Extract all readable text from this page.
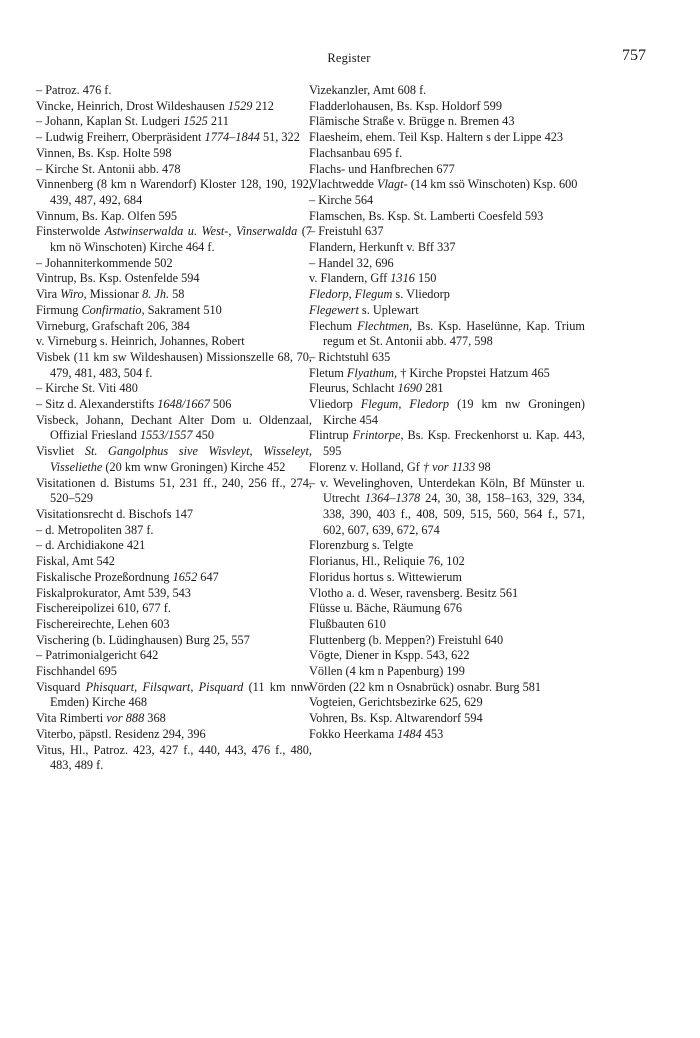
Register	757
– Patroz. 476 f.
Vincke, Heinrich, Drost Wildeshausen 1529 212
– Johann, Kaplan St. Ludgeri 1525 211
– Ludwig Freiherr, Oberpräsident 1774–1844 51, 322
Vinnen, Bs. Ksp. Holte 598
– Kirche St. Antonii abb. 478
Vinnenberg (8 km n Warendorf) Kloster 128, 190, 192, 439, 487, 492, 684
Vinnum, Bs. Kap. Olfen 595
Finsterwolde Astwinserwalda u. West-, Vinserwalda (7 km nö Winschoten) Kirche 464 f.
– Johanniterkommende 502
Vintrup, Bs. Ksp. Ostenfelde 594
Vira Wiro, Missionar 8. Jh. 58
Firmung Confirmatio, Sakrament 510
Virneburg, Grafschaft 206, 384
v. Virneburg s. Heinrich, Johannes, Robert
Visbek (11 km sw Wildeshausen) Missionszelle 68, 70, 479, 481, 483, 504 f.
– Kirche St. Viti 480
– Sitz d. Alexanderstifts 1648/1667 506
Visbeck, Johann, Dechant Alter Dom u. Oldenzaal, Offizial Friesland 1553/1557 450
Visvliet St. Gangolphus sive Wisvleyt, Wisseleyt, Visseliethe (20 km wnw Groningen) Kirche 452
Visitationen d. Bistums 51, 231 ff., 240, 256 ff., 274, 520–529
Visitationsrecht d. Bischofs 147
– d. Metropoliten 387 f.
– d. Archidiakone 421
Fiskal, Amt 542
Fiskalische Prozeßordnung 1652 647
Fiskalprokurator, Amt 539, 543
Fischereipolizei 610, 677 f.
Fischereirechte, Lehen 603
Vischering (b. Lüdinghausen) Burg 25, 557
– Patrimonialgericht 642
Fischhandel 695
Visquard Phisquart, Filsqwart, Pisquard (11 km nnw Emden) Kirche 468
Vita Rimberti vor 888 368
Viterbo, päpstl. Residenz 294, 396
Vitus, Hl., Patroz. 423, 427 f., 440, 443, 476 f., 480, 483, 489 f.
Vizekanzler, Amt 608 f.
Fladderlohausen, Bs. Ksp. Holdorf 599
Flämische Straße v. Brügge n. Bremen 43
Flaesheim, ehem. Teil Ksp. Haltern s der Lippe 423
Flachsanbau 695 f.
Flachs- und Hanfbrechen 677
Vlachtwedde Vlagt- (14 km ssö Winschoten) Ksp. 600
– Kirche 564
Flamschen, Bs. Ksp. St. Lamberti Coesfeld 593
– Freistuhl 637
Flandern, Herkunft v. Bff 337
– Handel 32, 696
v. Flandern, Gff 1316 150
Fledorp, Flegum s. Vliedorp
Flegewert s. Uplewart
Flechum Flechtmen, Bs. Ksp. Haselünne, Kap. Trium regum et St. Antonii abb. 477, 598
– Richtstuhl 635
Fletum Flyathum, † Kirche Propstei Hatzum 465
Fleurus, Schlacht 1690 281
Vliedorp Flegum, Fledorp (19 km nw Groningen) Kirche 454
Flintrup Frintorpe, Bs. Ksp. Freckenhorst u. Kap. 443, 595
Florenz v. Holland, Gf † vor 1133 98
– v. Wevelinghoven, Unterdekan Köln, Bf Münster u. Utrecht 1364–1378 24, 30, 38, 158–163, 329, 334, 338, 390, 403 f., 408, 509, 515, 560, 564 f., 571, 602, 607, 639, 672, 674
Florenzburg s. Telgte
Florianus, Hl., Reliquie 76, 102
Floridus hortus s. Wittewierum
Vlotho a. d. Weser, ravensberg. Besitz 561
Flüsse u. Bäche, Räumung 676
Flußbauten 610
Fluttenberg (b. Meppen?) Freistuhl 640
Vögte, Diener in Kspp. 543, 622
Völlen (4 km n Papenburg) 199
Vörden (22 km n Osnabrück) osnabr. Burg 581
Vogteien, Gerichtsbezirke 625, 629
Vohren, Bs. Ksp. Altwarendorf 594
Fokko Heerkama 1484 453
